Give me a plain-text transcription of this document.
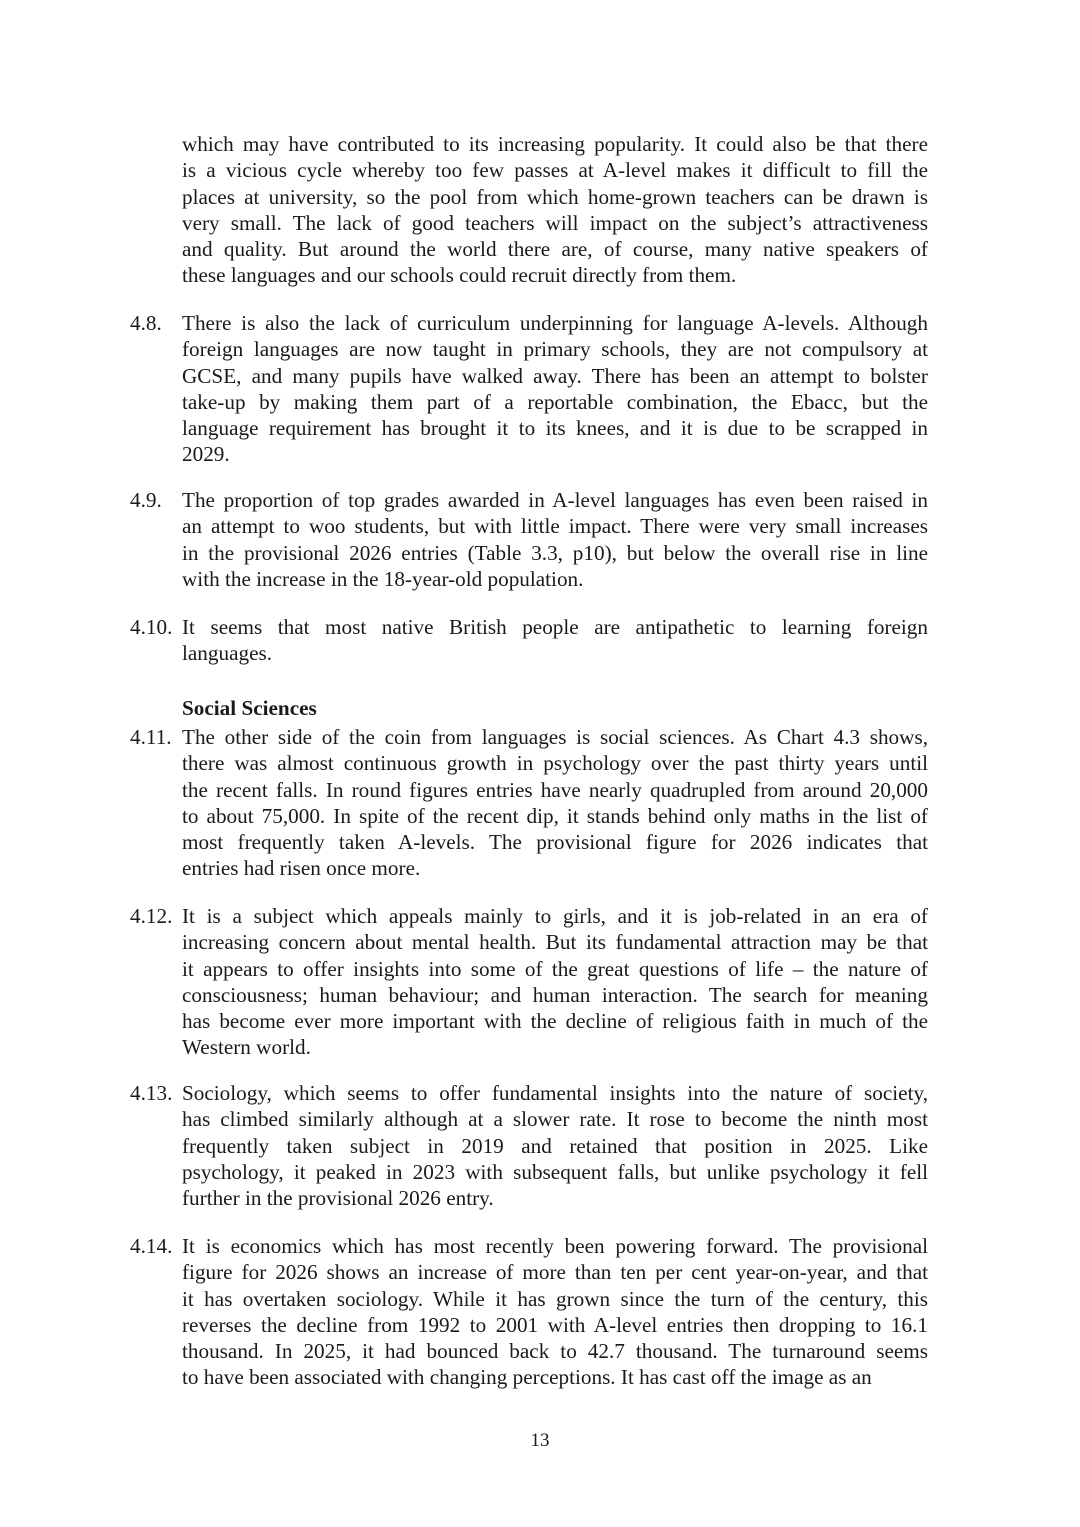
which may have contributed to its increasing popularity. It could also be that there
is a vicious cycle whereby too few passes at A-level makes it difficult to fill the
places at university, so the pool from which home-grown teachers can be drawn is
very small. The lack of good teachers will impact on the subject’s attractiveness
and quality. But around the world there are, of course, many native speakers of
these languages and our schools could recruit directly from them.
4.8. There is also the lack of curriculum underpinning for language A-levels. Although
foreign languages are now taught in primary schools, they are not compulsory at
GCSE, and many pupils have walked away. There has been an attempt to bolster
take-up by making them part of a reportable combination, the Ebacc, but the
language requirement has brought it to its knees, and it is due to be scrapped in
2029.
4.9. The proportion of top grades awarded in A-level languages has even been raised in
an attempt to woo students, but with little impact. There were very small increases
in the provisional 2026 entries (Table 3.3, p10), but below the overall rise in line
with the increase in the 18-year-old population.
4.10. It seems that most native British people are antipathetic to learning foreign
languages.
Social Sciences
4.11. The other side of the coin from languages is social sciences. As Chart 4.3 shows,
there was almost continuous growth in psychology over the past thirty years until
the recent falls. In round figures entries have nearly quadrupled from around 20,000
to about 75,000. In spite of the recent dip, it stands behind only maths in the list of
most frequently taken A-levels. The provisional figure for 2026 indicates that
entries had risen once more.
4.12. It is a subject which appeals mainly to girls, and it is job-related in an era of
increasing concern about mental health. But its fundamental attraction may be that
it appears to offer insights into some of the great questions of life – the nature of
consciousness; human behaviour; and human interaction. The search for meaning
has become ever more important with the decline of religious faith in much of the
Western world.
4.13. Sociology, which seems to offer fundamental insights into the nature of society,
has climbed similarly although at a slower rate. It rose to become the ninth most
frequently taken subject in 2019 and retained that position in 2025. Like
psychology, it peaked in 2023 with subsequent falls, but unlike psychology it fell
further in the provisional 2026 entry.
4.14. It is economics which has most recently been powering forward. The provisional
figure for 2026 shows an increase of more than ten per cent year-on-year, and that
it has overtaken sociology. While it has grown since the turn of the century, this
reverses the decline from 1992 to 2001 with A-level entries then dropping to 16.1
thousand. In 2025, it had bounced back to 42.7 thousand. The turnaround seems
to have been associated with changing perceptions. It has cast off the image as an
13
